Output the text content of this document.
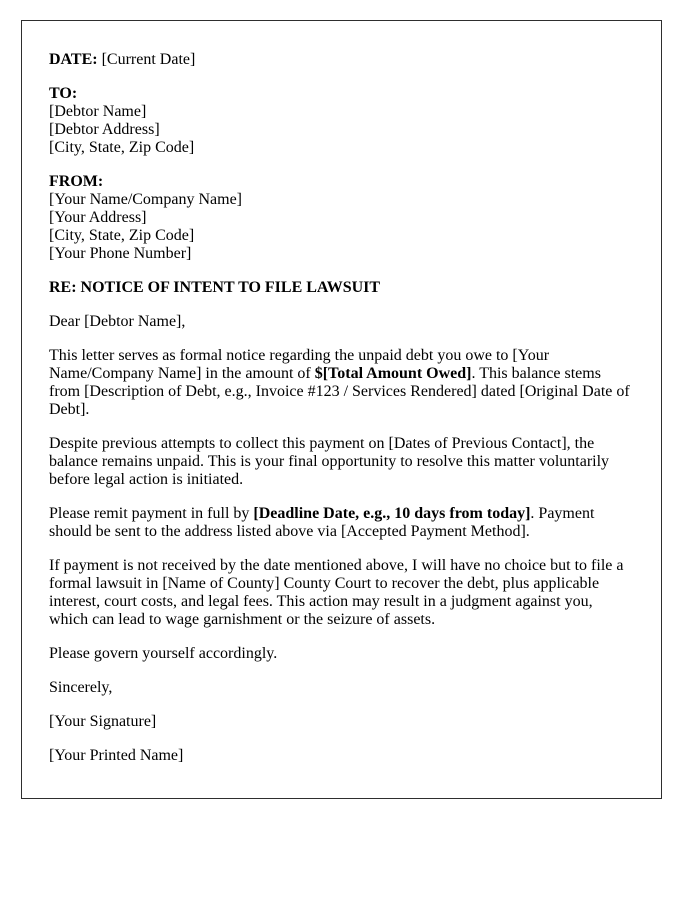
DATE: [Current Date]

TO:
[Debtor Name]
[Debtor Address]
[City, State, Zip Code]

FROM:
[Your Name/Company Name]
[Your Address]
[City, State, Zip Code]
[Your Phone Number]

RE: NOTICE OF INTENT TO FILE LAWSUIT

Dear [Debtor Name],

This letter serves as formal notice regarding the unpaid debt you owe to [Your Name/Company Name] in the amount of $[Total Amount Owed]. This balance stems from [Description of Debt, e.g., Invoice #123 / Services Rendered] dated [Original Date of Debt].

Despite previous attempts to collect this payment on [Dates of Previous Contact], the balance remains unpaid. This is your final opportunity to resolve this matter voluntarily before legal action is initiated.

Please remit payment in full by [Deadline Date, e.g., 10 days from today]. Payment should be sent to the address listed above via [Accepted Payment Method].

If payment is not received by the date mentioned above, I will have no choice but to file a formal lawsuit in [Name of County] County Court to recover the debt, plus applicable interest, court costs, and legal fees. This action may result in a judgment against you, which can lead to wage garnishment or the seizure of assets.

Please govern yourself accordingly.

Sincerely,

[Your Signature]

[Your Printed Name]
